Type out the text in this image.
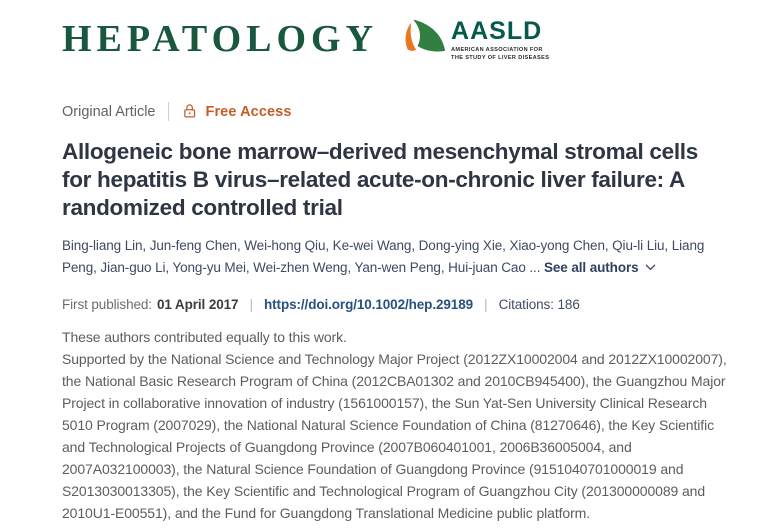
HEPATOLOGY	AASLD
AMERICAN ASSOCIATION FOR
THE STUDY OF LIVER DISEASES
Original Article	Free Access
Allogeneic bone marrow–derived mesenchymal stromal cells
for hepatitis B virus–related acute-on-chronic liver failure: A
randomized controlled trial
Bing-liang Lin, Jun-feng Chen, Wei-hong Qiu, Ke-wei Wang, Dong-ying Xie, Xiao-yong Chen, Qiu-li Liu, Liang Peng, Jian-guo Li, Yong-yu Mei, Wei-zhen Weng, Yan-wen Peng, Hui-juan Cao ... See all authors
First published: 01 April 2017 | https://doi.org/10.1002/hep.29189 | Citations: 186

These authors contributed equally to this work.

Supported by the National Science and Technology Major Project (2012ZX10002004 and 2012ZX10002007), the National Basic Research Program of China (2012CBA01302 and 2010CB945400), the Guangzhou Major Project in collaborative innovation of industry (1561000157), the Sun Yat-Sen University Clinical Research 5010 Program (2007029), the National Natural Science Foundation of China (81270646), the Key Scientific and Technological Projects of Guangdong Province (2007B060401001, 2006B36005004, and 2007A032100003), the Natural Science Foundation of Guangdong Province (9151040701000019 and S2013030013305), the Key Scientific and Technological Program of Guangzhou City (201300000089 and 2010U1-E00551), and the Fund for Guangdong Translational Medicine public platform.
